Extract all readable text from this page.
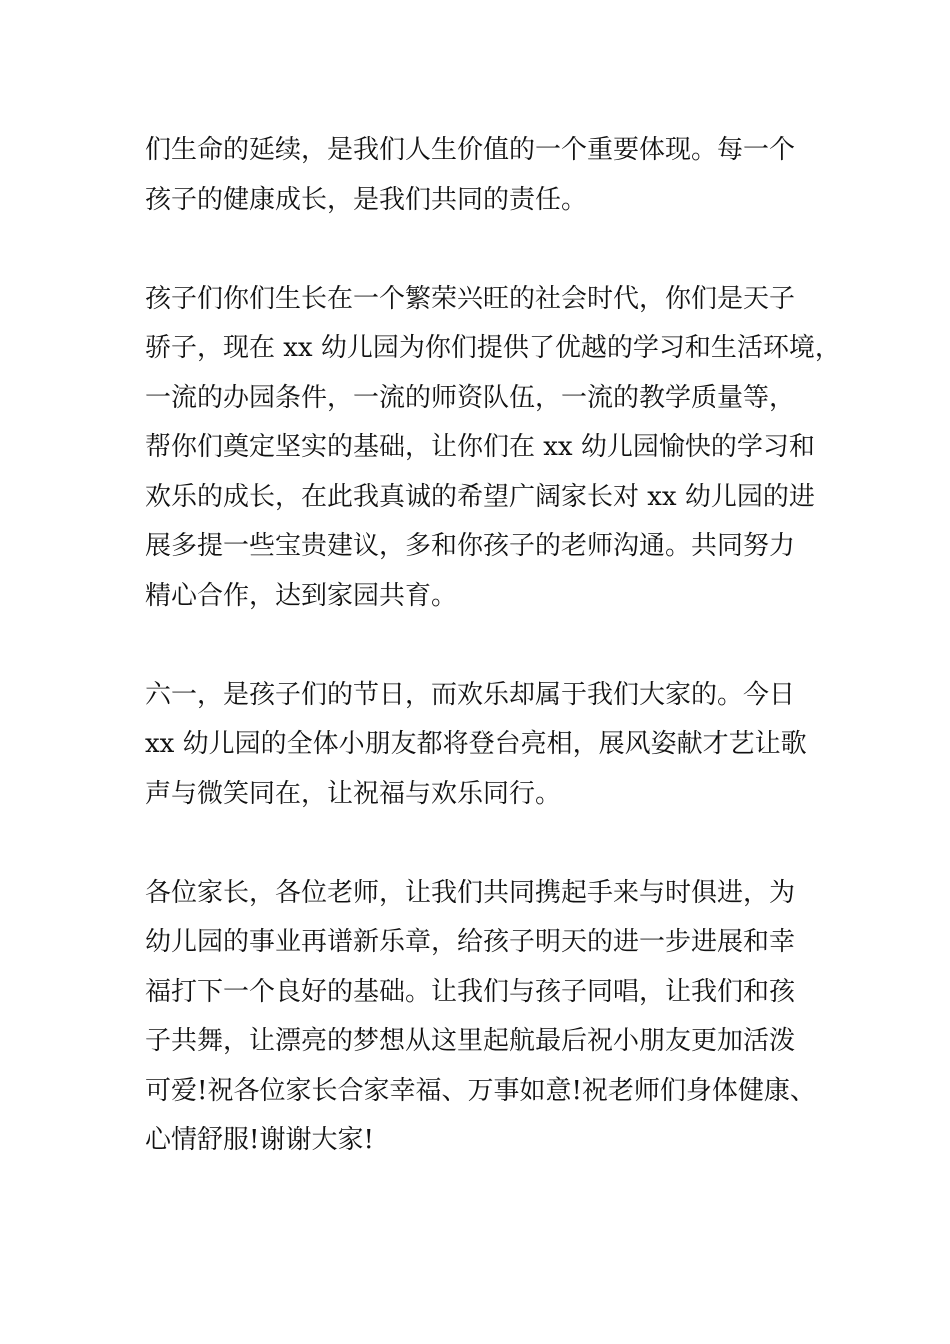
们生命的延续，是我们人生价值的一个重要体现。每一个
孩子的健康成长，是我们共同的责任。
孩子们你们生长在一个繁荣兴旺的社会时代，你们是天子
骄子，现在 xx 幼儿园为你们提供了优越的学习和生活环境，
一流的办园条件，一流的师资队伍，一流的教学质量等，
帮你们奠定坚实的基础，让你们在 xx 幼儿园愉快的学习和
欢乐的成长，在此我真诚的希望广阔家长对 xx 幼儿园的进
展多提一些宝贵建议，多和你孩子的老师沟通。共同努力
精心合作，达到家园共育。
六一，是孩子们的节日，而欢乐却属于我们大家的。今日
xx 幼儿园的全体小朋友都将登台亮相，展风姿献才艺让歌
声与微笑同在，让祝福与欢乐同行。
各位家长，各位老师，让我们共同携起手来与时俱进，为
幼儿园的事业再谱新乐章，给孩子明天的进一步进展和幸
福打下一个良好的基础。让我们与孩子同唱，让我们和孩
子共舞，让漂亮的梦想从这里起航最后祝小朋友更加活泼
可爱!祝各位家长合家幸福、万事如意!祝老师们身体健康、
心情舒服!谢谢大家!
